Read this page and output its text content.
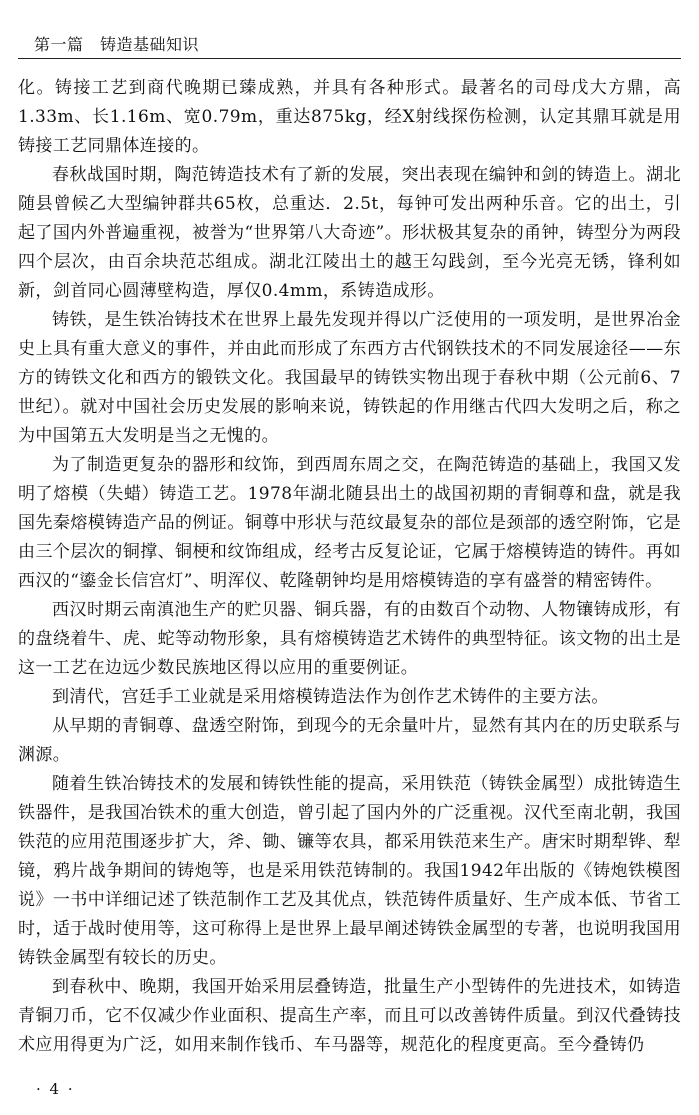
第一篇　铸造基础知识

化。铸接工艺到商代晚期已臻成熟，并具有各种形式。最著名的司母戊大方鼎，高1.33m、长1.16m、宽0.79m，重达875kg，经X射线探伤检测，认定其鼎耳就是用铸接工艺同鼎体连接的。

春秋战国时期，陶范铸造技术有了新的发展，突出表现在编钟和剑的铸造上。湖北随县曾候乙大型编钟群共65枚，总重达．2.5t，每钟可发出两种乐音。它的出土，引起了国内外普遍重视，被誉为“世界第八大奇迹”。形状极其复杂的甬钟，铸型分为两段四个层次，由百余块范芯组成。湖北江陵出土的越王勾践剑，至今光亮无锈，锋利如新，剑首同心圆薄壁构造，厚仅0.4mm，系铸造成形。

铸铁，是生铁冶铸技术在世界上最先发现并得以广泛使用的一项发明，是世界冶金史上具有重大意义的事件，并由此而形成了东西方古代钢铁技术的不同发展途径——东方的铸铁文化和西方的锻铁文化。我国最早的铸铁实物出现于春秋中期（公元前6、7世纪）。就对中国社会历史发展的影响来说，铸铁起的作用继古代四大发明之后，称之为中国第五大发明是当之无愧的。

为了制造更复杂的器形和纹饰，到西周东周之交，在陶范铸造的基础上，我国又发明了熔模（失蜡）铸造工艺。1978年湖北随县出土的战国初期的青铜尊和盘，就是我国先秦熔模铸造产品的例证。铜尊中形状与范纹最复杂的部位是颈部的透空附饰，它是由三个层次的铜撑、铜梗和纹饰组成，经考古反复论证，它属于熔模铸造的铸件。再如西汉的“鎏金长信宫灯”、明浑仪、乾隆朝钟均是用熔模铸造的享有盛誉的精密铸件。

西汉时期云南滇池生产的贮贝器、铜兵器，有的由数百个动物、人物镶铸成形，有的盘绕着牛、虎、蛇等动物形象，具有熔模铸造艺术铸件的典型特征。该文物的出土是这一工艺在边远少数民族地区得以应用的重要例证。

到清代，宫廷手工业就是采用熔模铸造法作为创作艺术铸件的主要方法。

从早期的青铜尊、盘透空附饰，到现今的无余量叶片，显然有其内在的历史联系与渊源。

随着生铁冶铸技术的发展和铸铁性能的提高，采用铁范（铸铁金属型）成批铸造生铁器件，是我国冶铁术的重大创造，曾引起了国内外的广泛重视。汉代至南北朝，我国铁范的应用范围逐步扩大，斧、锄、镰等农具，都采用铁范来生产。唐宋时期犁铧、犁镜，鸦片战争期间的铸炮等，也是采用铁范铸制的。我国1942年出版的《铸炮铁模图说》一书中详细记述了铁范制作工艺及其优点，铁范铸件质量好、生产成本低、节省工时，适于战时使用等，这可称得上是世界上最早阐述铸铁金属型的专著，也说明我国用铸铁金属型有较长的历史。

到春秋中、晚期，我国开始采用层叠铸造，批量生产小型铸件的先进技术，如铸造青铜刀币，它不仅减少作业面积、提高生产率，而且可以改善铸件质量。到汉代叠铸技术应用得更为广泛，如用来制作钱币、车马器等，规范化的程度更高。至今叠铸仍

· 4 ·
